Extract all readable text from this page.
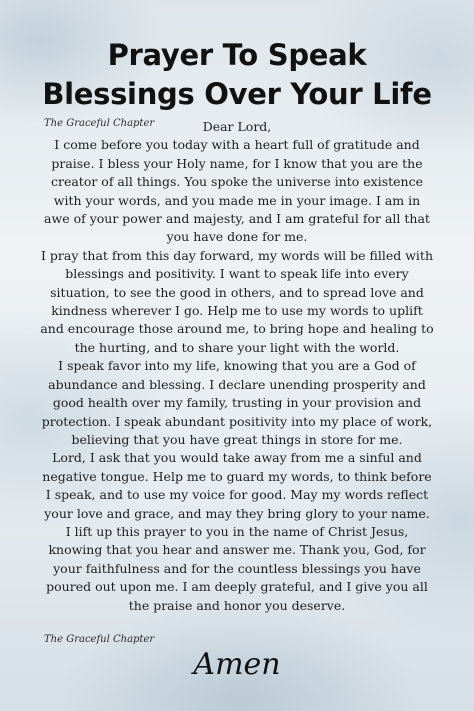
Prayer To Speak
Blessings Over Your Life
The Graceful Chapter	Dear Lord,
I come before you today with a heart full of gratitude and
praise. I bless your Holy name, for I know that you are the
creator of all things. You spoke the universe into existence
with your words, and you made me in your image. I am in
awe of your power and majesty, and I am grateful for all that
you have done for me.
I pray that from this day forward, my words will be filled with
blessings and positivity. I want to speak life into every
situation, to see the good in others, and to spread love and
kindness wherever I go. Help me to use my words to uplift
and encourage those around me, to bring hope and healing to
the hurting, and to share your light with the world.
I speak favor into my life, knowing that you are a God of
abundance and blessing. I declare unending prosperity and
good health over my family, trusting in your provision and
protection. I speak abundant positivity into my place of work,
believing that you have great things in store for me.
Lord, I ask that you would take away from me a sinful and
negative tongue. Help me to guard my words, to think before
I speak, and to use my voice for good. May my words reflect
your love and grace, and may they bring glory to your name.
I lift up this prayer to you in the name of Christ Jesus,
knowing that you hear and answer me. Thank you, God, for
your faithfulness and for the countless blessings you have
poured out upon me. I am deeply grateful, and I give you all
the praise and honor you deserve.
The Graceful Chapter
Amen
